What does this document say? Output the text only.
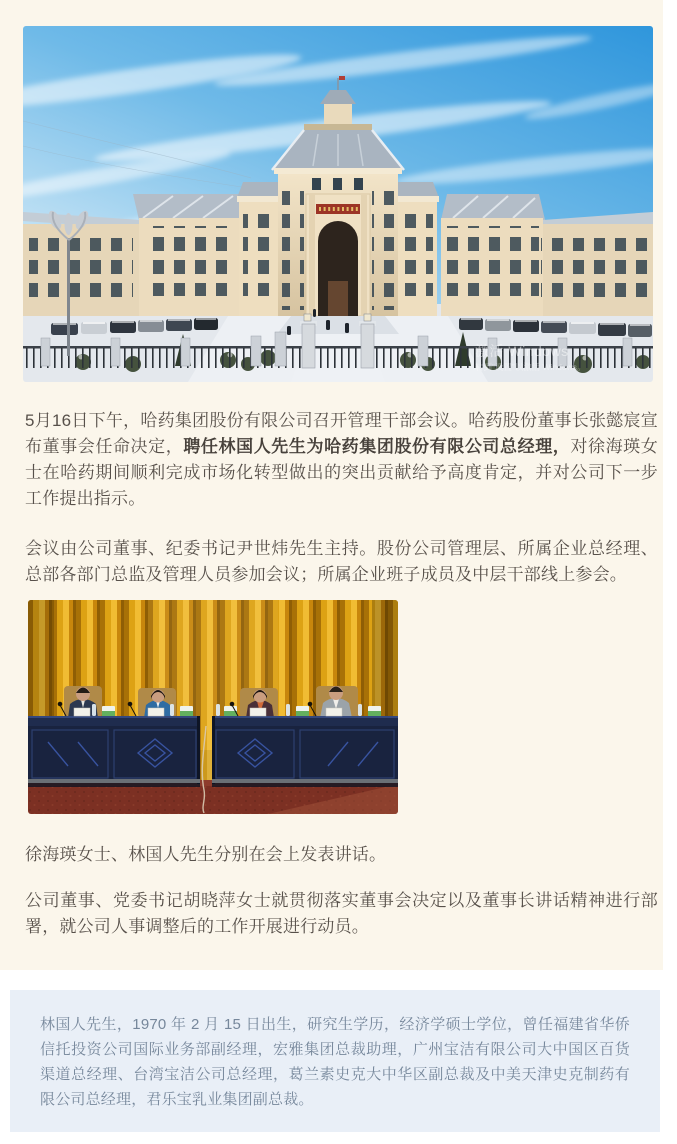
激活 Windows
转到“设置”以激活 Windows。

5月16日下午，哈药集团股份有限公司召开管理干部会议。哈药股份董事长张懿宸宣布董事会任命决定，聘任林国人先生为哈药集团股份有限公司总经理，对徐海瑛女士在哈药期间顺利完成市场化转型做出的突出贡献给予高度肯定，并对公司下一步工作提出指示。

会议由公司董事、纪委书记尹世炜先生主持。股份公司管理层、所属企业总经理、总部各部门总监及管理人员参加会议；所属企业班子成员及中层干部线上参会。

徐海瑛女士、林国人先生分别在会上发表讲话。

公司董事、党委书记胡晓萍女士就贯彻落实董事会决定以及董事长讲话精神进行部署，就公司人事调整后的工作开展进行动员。

林国人先生，1970 年 2 月 15 日出生，研究生学历，经济学硕士学位，曾任福建省华侨信托投资公司国际业务部副经理，宏雅集团总裁助理，广州宝洁有限公司大中国区百货渠道总经理、台湾宝洁公司总经理，葛兰素史克大中华区副总裁及中美天津史克制药有限公司总经理，君乐宝乳业集团副总裁。
